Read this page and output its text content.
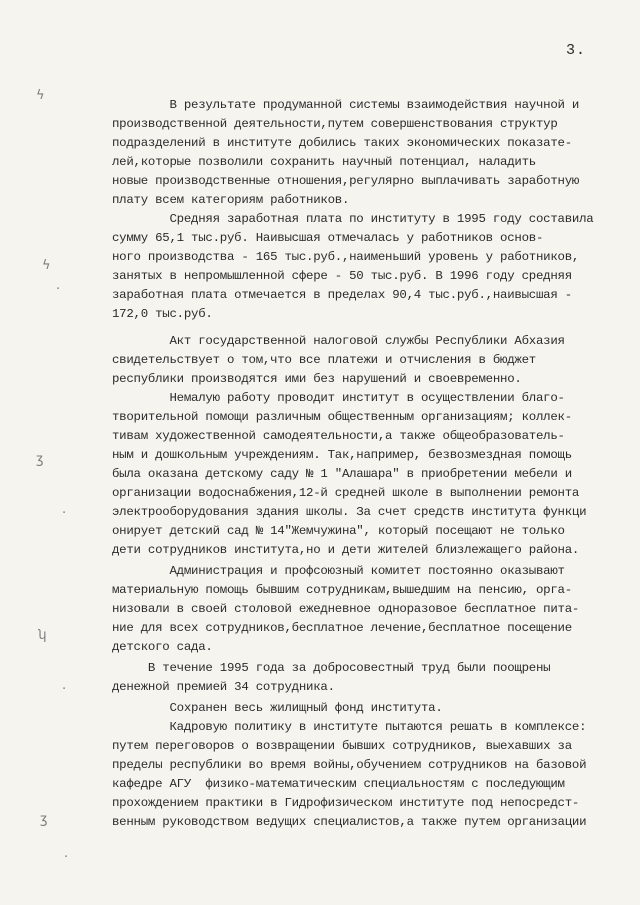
3.
В результате продуманной системы взаимодействия научной и
производственной деятельности,путем совершенствования структур
подразделений в институте добились таких экономических показате-
лей,которые позволили сохранить научный потенциал, наладить
новые производственные отношения,регулярно выплачивать заработную
плату всем категориям работников.
Средняя заработная плата по институту в 1995 году составила
сумму 65,1 тыс.руб. Наивысшая отмечалась у работников основ-
ного производства - 165 тыс.руб.,наименьший уровень у работников,
занятых в непромышленной сфере - 50 тыс.руб. В 1996 году средняя
заработная плата отмечается в пределах 90,4 тыс.руб.,наивысшая -
172,0 тыс.руб.
Акт государственной налоговой службы Республики Абхазия
свидетельствует о том,что все платежи и отчисления в бюджет
республики производятся ими без нарушений и своевременно.
Немалую работу проводит институт в осуществлении благо-
творительной помощи различным общественным организациям; коллек-
тивам художественной самодеятельности,а также общеобразователь-
ным и дошкольным учреждениям. Так,например, безвозмездная помощь
была оказана детскому саду № 1 "Алашара" в приобретении мебели и
организации водоснабжения,12-й средней школе в выполнении ремонта
электрооборудования здания школы. За счет средств института функци
онирует детский сад № 14"Жемчужина", который посещают не только
дети сотрудников института,но и дети жителей близлежащего района.
Администрация и профсоюзный комитет постоянно оказывают
материальную помощь бывшим сотрудникам,вышедшим на пенсию, орга-
низовали в своей столовой ежедневное одноразовое бесплатное пита-
ние для всех сотрудников,бесплатное лечение,бесплатное посещение
детского сада.
В течение 1995 года за добросовестный труд были поощрены
денежной премией 34 сотрудника.
Сохранен весь жилищный фонд института.
Кадровую политику в институте пытаются решать в комплексе:
путем переговоров о возвращении бывших сотрудников, выехавших за
пределы республики во время войны,обучением сотрудников на базовой
кафедре АГУ  физико-математическим специальностям с последующим
прохождением практики в Гидрофизическом институте под непосредст-
венным руководством ведущих специалистов,а также путем организации
ϟ
ϟ
·
ʒ
·
ʮ
·
ʒ
·
